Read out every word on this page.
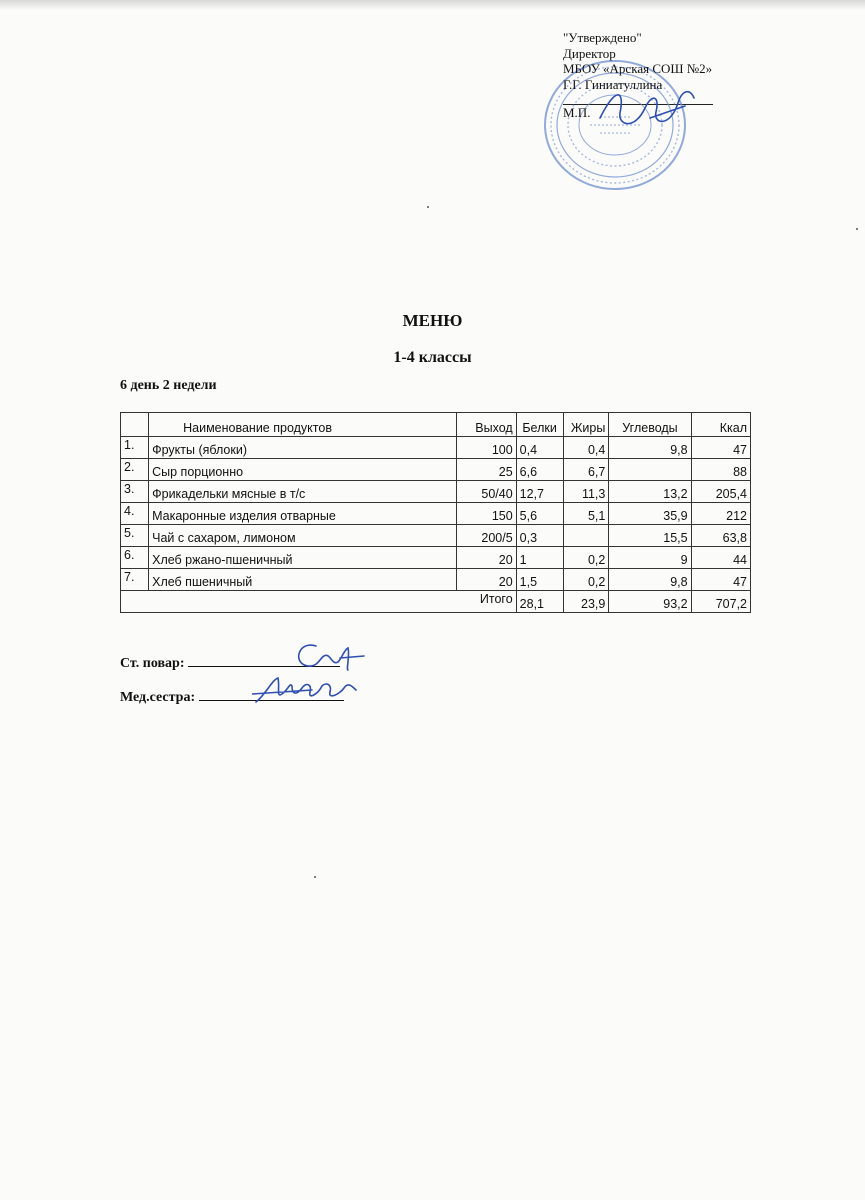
"Утверждено"
Директор
МБОУ «Арская СОШ №2»
Г.Г. Гиниатуллина
М.П.
МЕНЮ
1-4 классы
6 день 2 недели
	Наименование продуктов	Выход	Белки	Жиры	Углеводы	Ккал
1.	Фрукты (яблоки)	100	0,4	0,4	9,8	47
2.	Сыр порционно	25	6,6	6,7		88
3.	Фрикадельки мясные в т/с	50/40	12,7	11,3	13,2	205,4
4.	Макаронные изделия отварные	150	5,6	5,1	35,9	212
5.	Чай с сахаром, лимоном	200/5	0,3		15,5	63,8
6.	Хлеб ржано-пшеничный	20	1	0,2	9	44
7.	Хлеб пшеничный	20	1,5	0,2	9,8	47
Итого			28,1	23,9	93,2	707,2
Ст. повар:
Мед.сестра:
